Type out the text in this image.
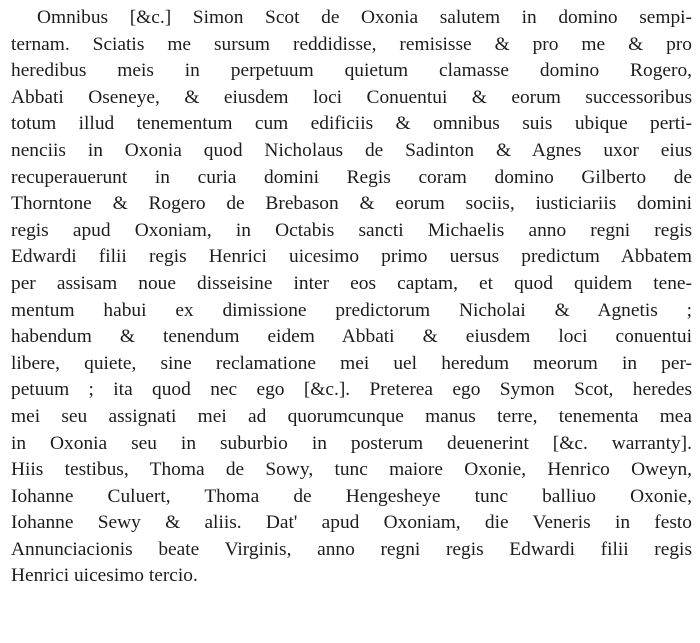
Omnibus [&c.] Simon Scot de Oxonia salutem in domino sempi-
ternam. Sciatis me sursum reddidisse, remisisse & pro me & pro
heredibus meis in perpetuum quietum clamasse domino Rogero,
Abbati Oseneye, & eiusdem loci Conuentui & eorum successoribus
totum illud tenementum cum edificiis & omnibus suis ubique perti-
nenciis in Oxonia quod Nicholaus de Sadinton & Agnes uxor eius
recuperauerunt in curia domini Regis coram domino Gilberto de
Thorntone & Rogero de Brebason & eorum sociis, iusticiariis domini
regis apud Oxoniam, in Octabis sancti Michaelis anno regni regis
Edwardi filii regis Henrici uicesimo primo uersus predictum Abbatem
per assisam noue disseisine inter eos captam, et quod quidem tene-
mentum habui ex dimissione predictorum Nicholai & Agnetis ;
habendum & tenendum eidem Abbati & eiusdem loci conuentui
libere, quiete, sine reclamatione mei uel heredum meorum in per-
petuum ; ita quod nec ego [&c.]. Preterea ego Symon Scot, heredes
mei seu assignati mei ad quorumcunque manus terre, tenementa mea
in Oxonia seu in suburbio in posterum deuenerint [&c. warranty].
Hiis testibus, Thoma de Sowy, tunc maiore Oxonie, Henrico Oweyn,
Iohanne Culuert, Thoma de Hengesheye tunc balliuo Oxonie,
Iohanne Sewy & aliis. Dat' apud Oxoniam, die Veneris in festo
Annunciacionis beate Virginis, anno regni regis Edwardi filii regis
Henrici uicesimo tercio.
